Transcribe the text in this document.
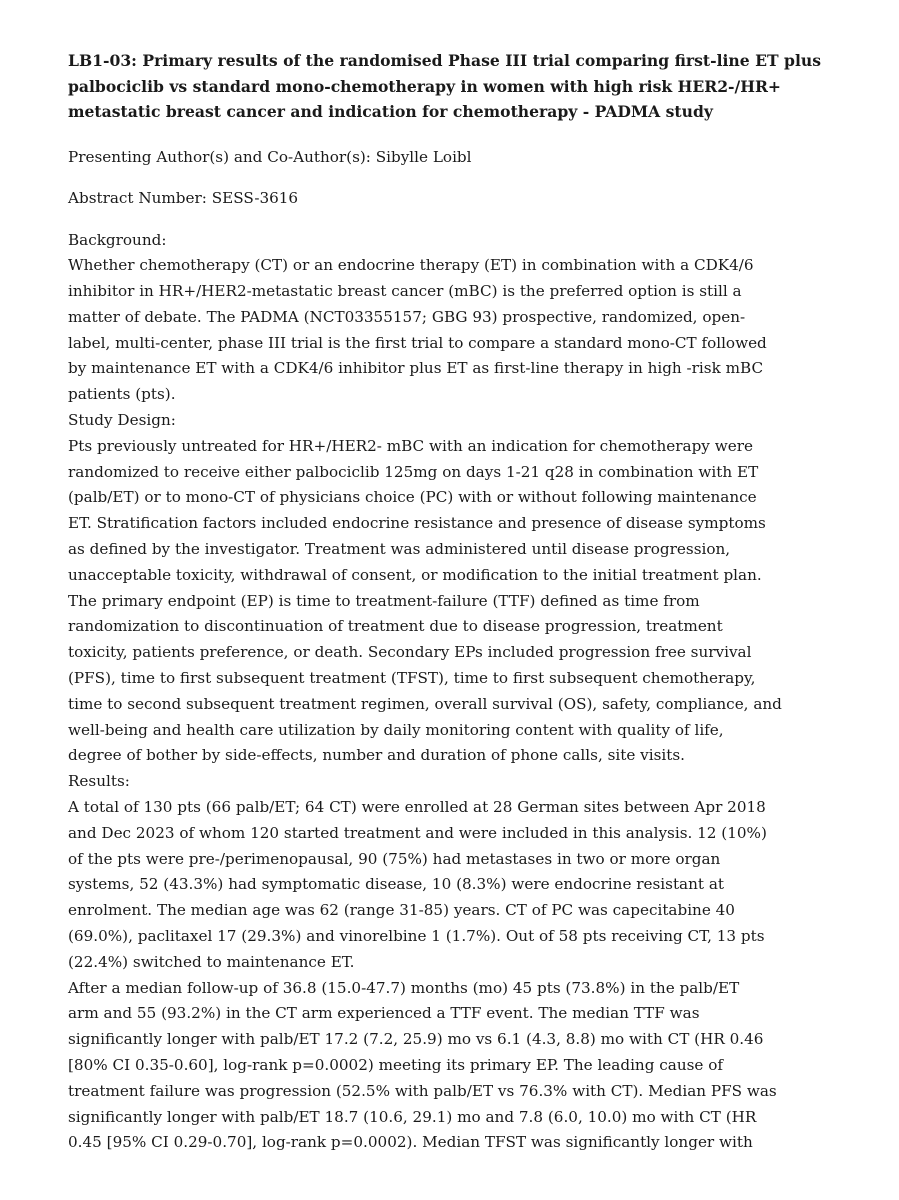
LB1-03: Primary results of the randomised Phase III trial comparing first-line ET plus
palbociclib vs standard mono-chemotherapy in women with high risk HER2-/HR+
metastatic breast cancer and indication for chemotherapy - PADMA study

Presenting Author(s) and Co-Author(s): Sibylle Loibl

Abstract Number: SESS-3616

Background:
Whether chemotherapy (CT) or an endocrine therapy (ET) in combination with a CDK4/6
inhibitor in HR+/HER2-metastatic breast cancer (mBC) is the preferred option is still a
matter of debate. The PADMA (NCT03355157; GBG 93) prospective, randomized, open-
label, multi-center, phase III trial is the first trial to compare a standard mono-CT followed
by maintenance ET with a CDK4/6 inhibitor plus ET as first-line therapy in high -risk mBC
patients (pts).
Study Design:
Pts previously untreated for HR+/HER2- mBC with an indication for chemotherapy were
randomized to receive either palbociclib 125mg on days 1-21 q28 in combination with ET
(palb/ET) or to mono-CT of physicians choice (PC) with or without following maintenance
ET. Stratification factors included endocrine resistance and presence of disease symptoms
as defined by the investigator. Treatment was administered until disease progression,
unacceptable toxicity, withdrawal of consent, or modification to the initial treatment plan.
The primary endpoint (EP) is time to treatment-failure (TTF) defined as time from
randomization to discontinuation of treatment due to disease progression, treatment
toxicity, patients preference, or death. Secondary EPs included progression free survival
(PFS), time to first subsequent treatment (TFST), time to first subsequent chemotherapy,
time to second subsequent treatment regimen, overall survival (OS), safety, compliance, and
well-being and health care utilization by daily monitoring content with quality of life,
degree of bother by side-effects, number and duration of phone calls, site visits.
Results:
A total of 130 pts (66 palb/ET; 64 CT) were enrolled at 28 German sites between Apr 2018
and Dec 2023 of whom 120 started treatment and were included in this analysis. 12 (10%)
of the pts were pre-/perimenopausal, 90 (75%) had metastases in two or more organ
systems, 52 (43.3%) had symptomatic disease, 10 (8.3%) were endocrine resistant at
enrolment. The median age was 62 (range 31-85) years. CT of PC was capecitabine 40
(69.0%), paclitaxel 17 (29.3%) and vinorelbine 1 (1.7%). Out of 58 pts receiving CT, 13 pts
(22.4%) switched to maintenance ET.
After a median follow-up of 36.8 (15.0-47.7) months (mo) 45 pts (73.8%) in the palb/ET
arm and 55 (93.2%) in the CT arm experienced a TTF event. The median TTF was
significantly longer with palb/ET 17.2 (7.2, 25.9) mo vs 6.1 (4.3, 8.8) mo with CT (HR 0.46
[80% CI 0.35-0.60], log-rank p=0.0002) meeting its primary EP. The leading cause of
treatment failure was progression (52.5% with palb/ET vs 76.3% with CT). Median PFS was
significantly longer with palb/ET 18.7 (10.6, 29.1) mo and 7.8 (6.0, 10.0) mo with CT (HR
0.45 [95% CI 0.29-0.70], log-rank p=0.0002). Median TFST was significantly longer with
